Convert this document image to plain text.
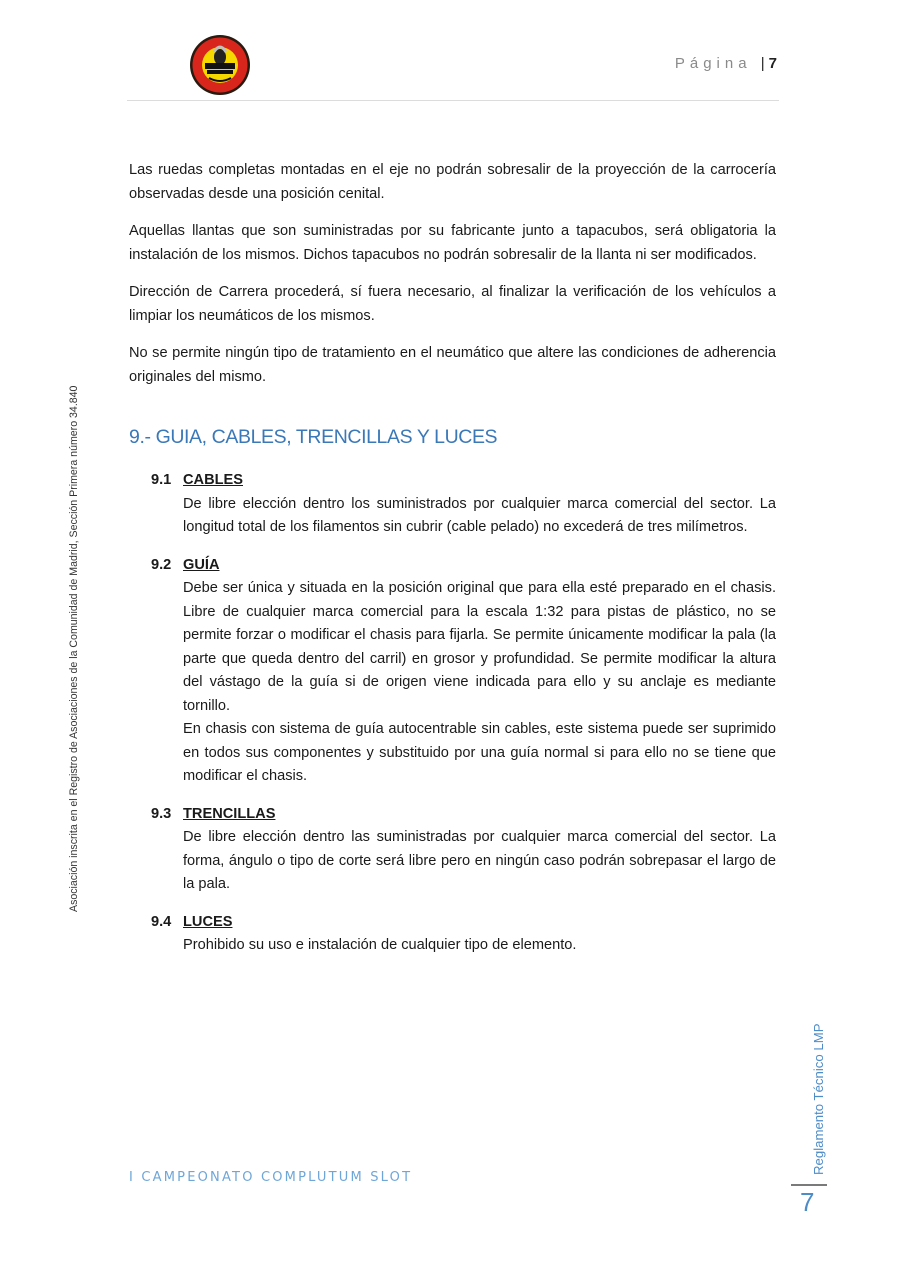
Página | 7
Asociación inscrita en el Registro de Asociaciones de la Comunidad de Madrid, Sección Primera número 34.840

Las ruedas completas montadas en el eje no podrán sobresalir de la proyección de la carrocería observadas desde una posición cenital.

Aquellas llantas que son suministradas por su fabricante junto a tapacubos, será obligatoria la instalación de los mismos. Dichos tapacubos no podrán sobresalir de la llanta ni ser modificados.

Dirección de Carrera procederá, sí fuera necesario, al finalizar la verificación de los vehículos a limpiar los neumáticos de los mismos.

No se permite ningún tipo de tratamiento en el neumático que altere las condiciones de adherencia originales del mismo.

9.- GUIA, CABLES, TRENCILLAS Y LUCES
9.1 CABLES

De libre elección dentro los suministrados por cualquier marca comercial del sector. La longitud total de los filamentos sin cubrir (cable pelado) no excederá de tres milímetros.

9.2 GUÍA

Debe ser única y situada en la posición original que para ella esté preparado en el chasis. Libre de cualquier marca comercial para la escala 1:32 para pistas de plástico, no se permite forzar o modificar el chasis para fijarla. Se permite únicamente modificar la pala (la parte que queda dentro del carril) en grosor y profundidad. Se permite modificar la altura del vástago de la guía si de origen viene indicada para ello y su anclaje es mediante tornillo.

En chasis con sistema de guía autocentrable sin cables, este sistema puede ser suprimido en todos sus componentes y substituido por una guía normal si para ello no se tiene que modificar el chasis.

9.3 TRENCILLAS

De libre elección dentro las suministradas por cualquier marca comercial del sector. La forma, ángulo o tipo de corte será libre pero en ningún caso podrán sobrepasar el largo de la pala.

9.4 LUCES

Prohibido su uso e instalación de cualquier tipo de elemento.

I CAMPEONATO COMPLUTUM SLOT
Reglamento Técnico LMP
7
